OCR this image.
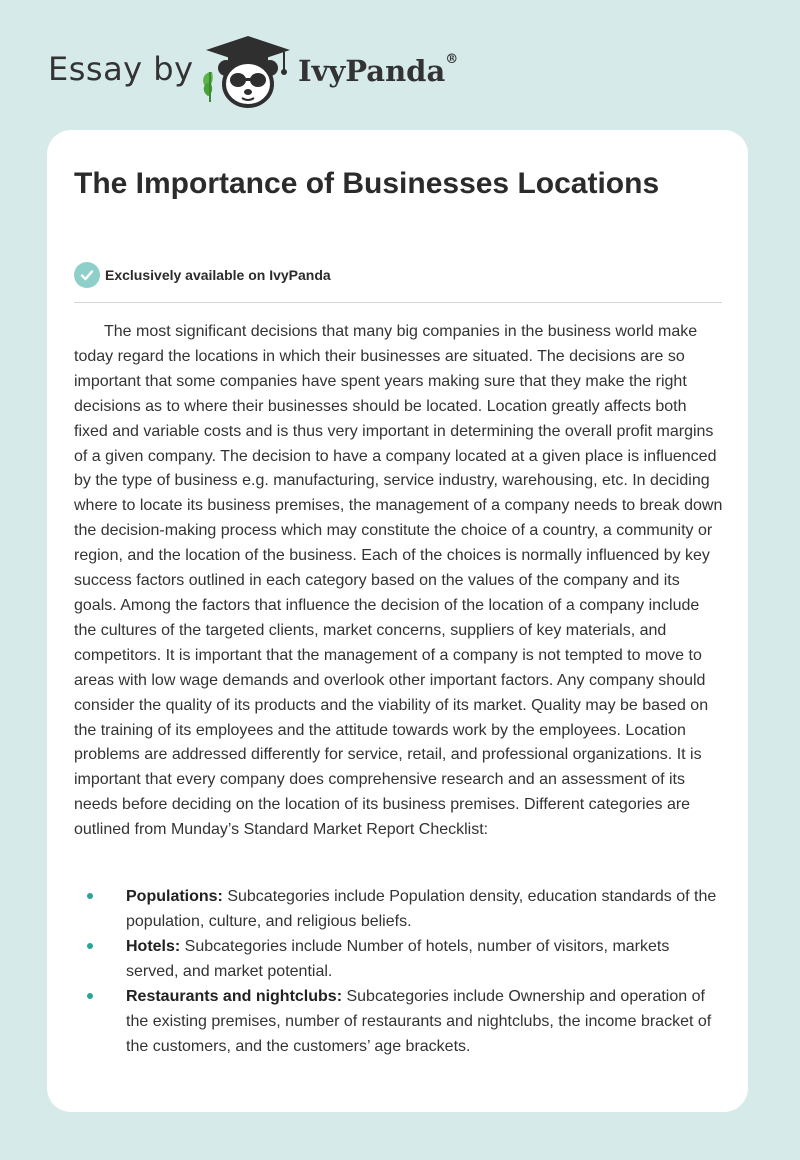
Essay by	IvyPanda®
The Importance of Businesses Locations
Exclusively available on IvyPanda

The most significant decisions that many big companies in the business world make today regard the locations in which their businesses are situated. The decisions are so important that some companies have spent years making sure that they make the right decisions as to where their businesses should be located. Location greatly affects both fixed and variable costs and is thus very important in determining the overall profit margins of a given company. The decision to have a company located at a given place is influenced by the type of business e.g. manufacturing, service industry, warehousing, etc. In deciding where to locate its business premises, the management of a company needs to break down the decision-making process which may constitute the choice of a country, a community or region, and the location of the business. Each of the choices is normally influenced by key success factors outlined in each category based on the values of the company and its goals. Among the factors that influence the decision of the location of a company include the cultures of the targeted clients, market concerns, suppliers of key materials, and competitors. It is important that the management of a company is not tempted to move to areas with low wage demands and overlook other important factors. Any company should consider the quality of its products and the viability of its market. Quality may be based on the training of its employees and the attitude towards work by the employees. Location problems are addressed differently for service, retail, and professional organizations. It is important that every company does comprehensive research and an assessment of its needs before deciding on the location of its business premises. Different categories are outlined from Munday’s Standard Market Report Checklist:

Populations: Subcategories include Population density, education standards of the population, culture, and religious beliefs.
Hotels: Subcategories include Number of hotels, number of visitors, markets served, and market potential.
Restaurants and nightclubs: Subcategories include Ownership and operation of the existing premises, number of restaurants and nightclubs, the income bracket of the customers, and the customers’ age brackets.
